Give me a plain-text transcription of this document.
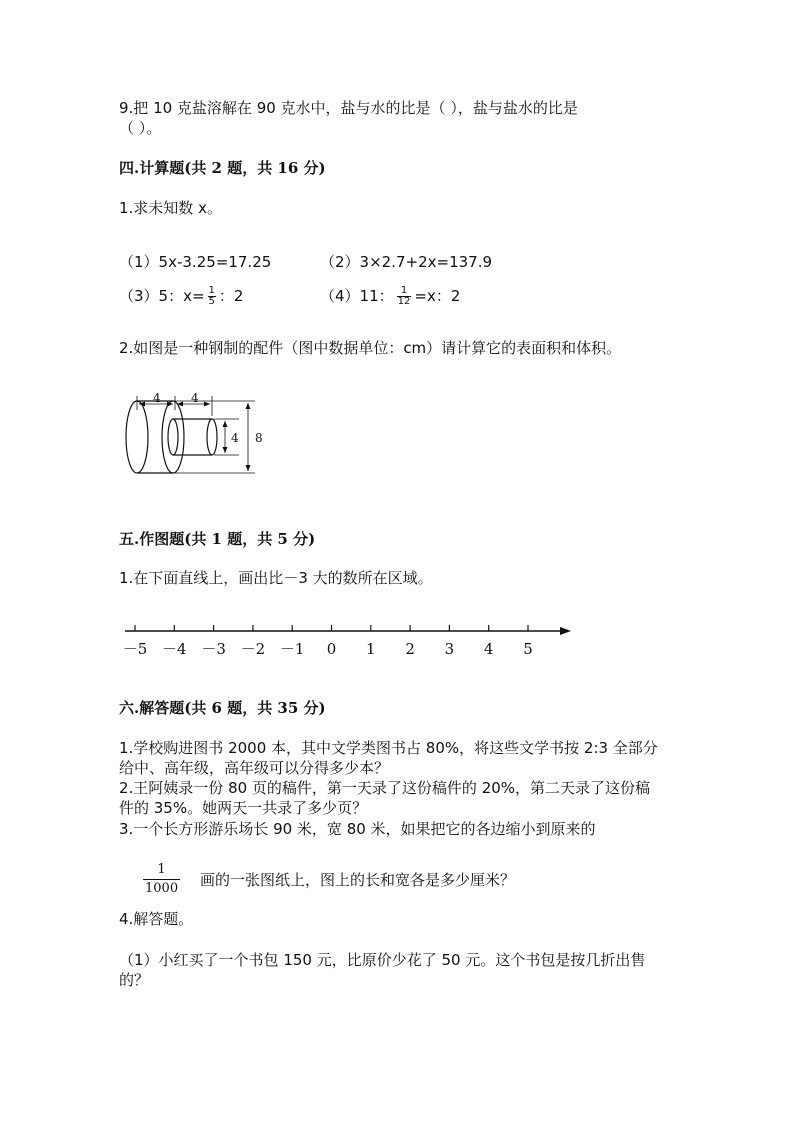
9.把 10 克盐溶解在 90 克水中，盐与水的比是（ ），盐与盐水的比是
（ ）。
四.计算题(共 2 题，共 16 分)
1.求未知数 x。
（1）5x-3.25=17.25	（2）3×2.7+2x=137.9
（3）5：$x= \frac{1}{5}$ ：2	（4）11： $\frac{1}{12} =x$：2
2.如图是一种钢制的配件（图中数据单位：cm）请计算它的表面积和体积。
4	4
4 8
五.作图题(共 1 题，共 5 分)
1.在下面直线上，画出比－3 大的数所在区域。
－5 －4 －3 －2 －1 0 1 2 3 4 5
六.解答题(共 6 题，共 35 分)
1.学校购进图书 2000 本，其中文学类图书占 80%，将这些文学书按 2:3 全部分
给中、高年级，高年级可以分得多少本？
2.王阿姨录一份 80 页的稿件，第一天录了这份稿件的 20%，第二天录了这份稿
件的 35%。她两天一共录了多少页？
3.一个长方形游乐场长 90 米，宽 80 米，如果把它的各边缩小到原来的
$\frac{1}{1000}$ 画的一张图纸上，图上的长和宽各是多少厘米？
4.解答题。
（1）小红买了一个书包 150 元，比原价少花了 50 元。这个书包是按几折出售
的？
